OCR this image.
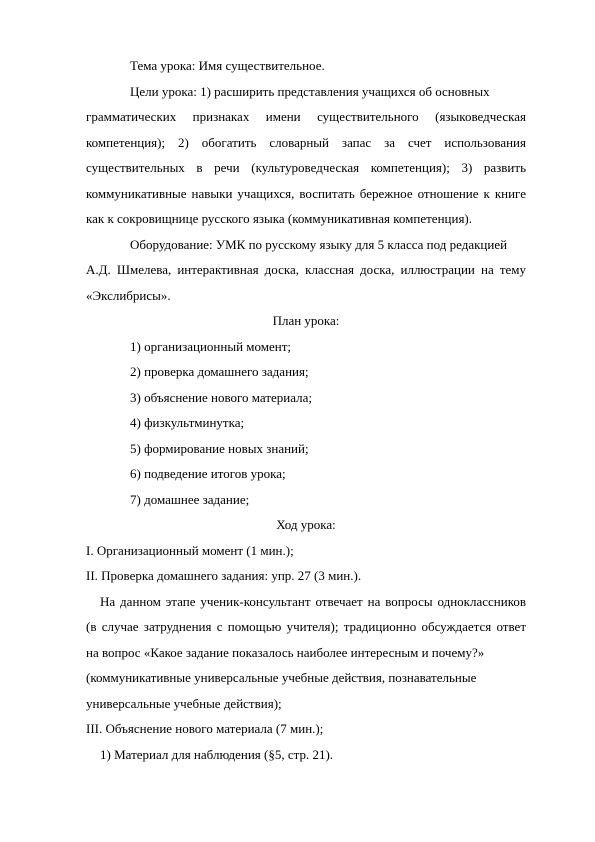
Тема урока: Имя существительное.
Цели урока: 1) расширить представления учащихся об основных
грамматических признаках имени существительного (языковедческая
компетенция); 2) обогатить словарный запас за счет использования
существительных в речи (культуроведческая компетенция); 3) развить
коммуникативные навыки учащихся, воспитать бережное отношение к книге
как к сокровищнице русского языка (коммуникативная компетенция).
Оборудование: УМК по русскому языку для 5 класса под редакцией
А.Д. Шмелева, интерактивная доска, классная доска, иллюстрации на тему
«Экслибрисы».
План урока:
1) организационный момент;
2) проверка домашнего задания;
3) объяснение нового материала;
4) физкультминутка;
5) формирование новых знаний;
6) подведение итогов урока;
7) домашнее задание;
Ход урока:
I. Организационный момент (1 мин.);
II. Проверка домашнего задания: упр. 27 (3 мин.).
На данном этапе ученик-консультант отвечает на вопросы одноклассников
(в случае затруднения с помощью учителя); традиционно обсуждается ответ
на вопрос «Какое задание показалось наиболее интересным и почему?»
(коммуникативные универсальные учебные действия, познавательные
универсальные учебные действия);
III. Объяснение нового материала (7 мин.);
1) Материал для наблюдения (§5, стр. 21).
